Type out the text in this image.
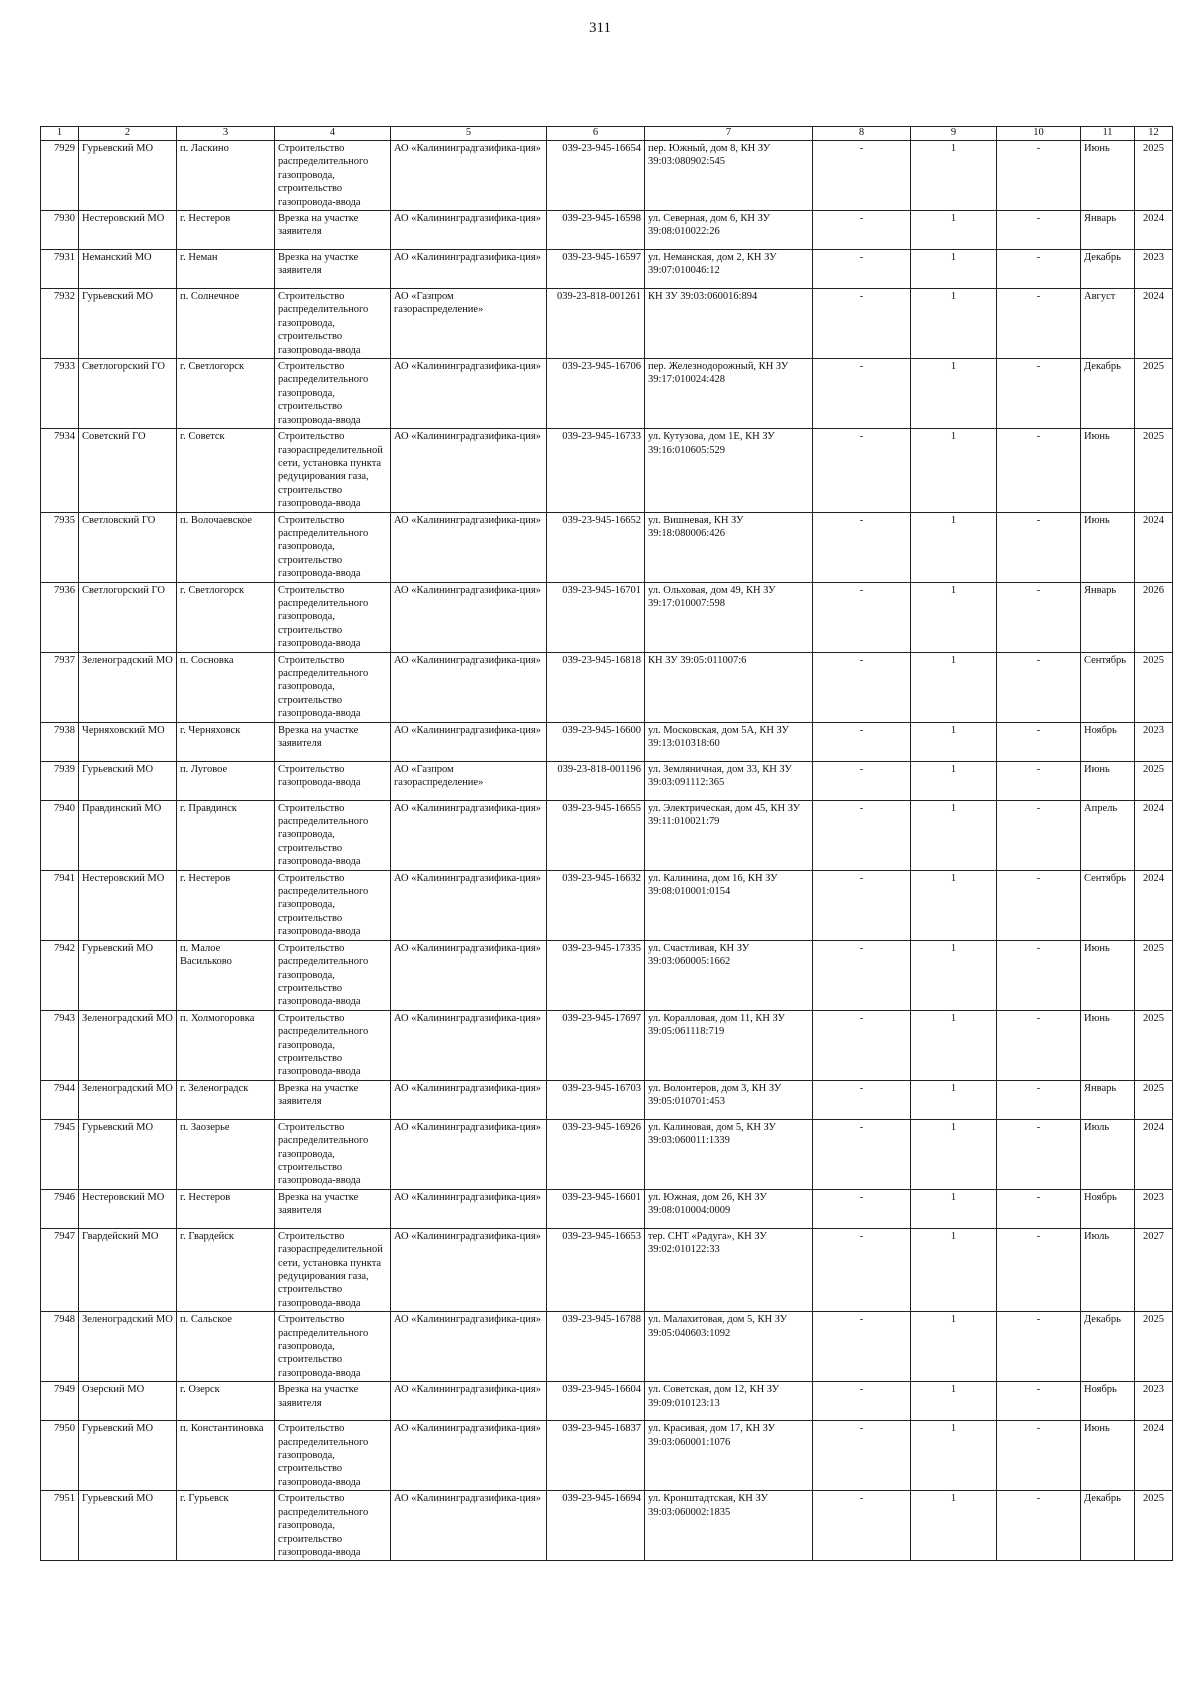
311
1	2	3	4	5	6	7	8	9	10	11	12
7929	Гурьевский МО	п. Ласкино	Строительство распределительного газопровода, строительство газопровода-ввода	АО «Калининградгазифика-ция»	039-23-945-16654	пер. Южный, дом 8, КН ЗУ 39:03:080902:545	-	1	-	Июнь	2025
7930	Нестеровский МО	г. Нестеров	Врезка на участке заявителя	АО «Калининградгазифика-ция»	039-23-945-16598	ул. Северная, дом 6, КН ЗУ 39:08:010022:26	-	1	-	Январь	2024
7931	Неманский МО	г. Неман	Врезка на участке заявителя	АО «Калининградгазифика-ция»	039-23-945-16597	ул. Неманская, дом 2, КН ЗУ 39:07:010046:12	-	1	-	Декабрь	2023
7932	Гурьевский МО	п. Солнечное	Строительство распределительного газопровода, строительство газопровода-ввода	АО «Газпром газораспределение»	039-23-818-001261	КН ЗУ 39:03:060016:894	-	1	-	Август	2024
7933	Светлогорский ГО	г. Светлогорск	Строительство распределительного газопровода, строительство газопровода-ввода	АО «Калининградгазифика-ция»	039-23-945-16706	пер. Железнодорожный, КН ЗУ 39:17:010024:428	-	1	-	Декабрь	2025
7934	Советский ГО	г. Советск	Строительство газораспределительной сети, установка пункта редуцирования газа, строительство газопровода-ввода	АО «Калининградгазифика-ция»	039-23-945-16733	ул. Кутузова, дом 1Е, КН ЗУ 39:16:010605:529	-	1	-	Июнь	2025
7935	Светловский ГО	п. Волочаевское	Строительство распределительного газопровода, строительство газопровода-ввода	АО «Калининградгазифика-ция»	039-23-945-16652	ул. Вишневая, КН ЗУ 39:18:080006:426	-	1	-	Июнь	2024
7936	Светлогорский ГО	г. Светлогорск	Строительство распределительного газопровода, строительство газопровода-ввода	АО «Калининградгазифика-ция»	039-23-945-16701	ул. Ольховая, дом 49, КН ЗУ 39:17:010007:598	-	1	-	Январь	2026
7937	Зеленоградский МО	п. Сосновка	Строительство распределительного газопровода, строительство газопровода-ввода	АО «Калининградгазифика-ция»	039-23-945-16818	КН ЗУ 39:05:011007:6	-	1	-	Сентябрь	2025
7938	Черняховский МО	г. Черняховск	Врезка на участке заявителя	АО «Калининградгазифика-ция»	039-23-945-16600	ул. Московская, дом 5А, КН ЗУ 39:13:010318:60	-	1	-	Ноябрь	2023
7939	Гурьевский МО	п. Луговое	Строительство газопровода-ввода	АО «Газпром газораспределение»	039-23-818-001196	ул. Земляничная, дом 33, КН ЗУ 39:03:091112:365	-	1	-	Июнь	2025
7940	Правдинский МО	г. Правдинск	Строительство распределительного газопровода, строительство газопровода-ввода	АО «Калининградгазифика-ция»	039-23-945-16655	ул. Электрическая, дом 45, КН ЗУ 39:11:010021:79	-	1	-	Апрель	2024
7941	Нестеровский МО	г. Нестеров	Строительство распределительного газопровода, строительство газопровода-ввода	АО «Калининградгазифика-ция»	039-23-945-16632	ул. Калинина, дом 16, КН ЗУ 39:08:010001:0154	-	1	-	Сентябрь	2024
7942	Гурьевский МО	п. Малое Васильково	Строительство распределительного газопровода, строительство газопровода-ввода	АО «Калининградгазифика-ция»	039-23-945-17335	ул. Счастливая, КН ЗУ 39:03:060005:1662	-	1	-	Июнь	2025
7943	Зеленоградский МО	п. Холмогоровка	Строительство распределительного газопровода, строительство газопровода-ввода	АО «Калининградгазифика-ция»	039-23-945-17697	ул. Коралловая, дом 11, КН ЗУ 39:05:061118:719	-	1	-	Июнь	2025
7944	Зеленоградский МО	г. Зеленоградск	Врезка на участке заявителя	АО «Калининградгазифика-ция»	039-23-945-16703	ул. Волонтеров, дом 3, КН ЗУ 39:05:010701:453	-	1	-	Январь	2025
7945	Гурьевский МО	п. Заозерье	Строительство распределительного газопровода, строительство газопровода-ввода	АО «Калининградгазифика-ция»	039-23-945-16926	ул. Калиновая, дом 5, КН ЗУ 39:03:060011:1339	-	1	-	Июль	2024
7946	Нестеровский МО	г. Нестеров	Врезка на участке заявителя	АО «Калининградгазифика-ция»	039-23-945-16601	ул. Южная, дом 26, КН ЗУ 39:08:010004:0009	-	1	-	Ноябрь	2023
7947	Гвардейский МО	г. Гвардейск	Строительство газораспределительной сети, установка пункта редуцирования газа, строительство газопровода-ввода	АО «Калининградгазифика-ция»	039-23-945-16653	тер. СНТ «Радуга», КН ЗУ 39:02:010122:33	-	1	-	Июль	2027
7948	Зеленоградский МО	п. Сальское	Строительство распределительного газопровода, строительство газопровода-ввода	АО «Калининградгазифика-ция»	039-23-945-16788	ул. Малахитовая, дом 5, КН ЗУ 39:05:040603:1092	-	1	-	Декабрь	2025
7949	Озерский МО	г. Озерск	Врезка на участке заявителя	АО «Калининградгазифика-ция»	039-23-945-16604	ул. Советская, дом 12, КН ЗУ 39:09:010123:13	-	1	-	Ноябрь	2023
7950	Гурьевский МО	п. Константиновка	Строительство распределительного газопровода, строительство газопровода-ввода	АО «Калининградгазифика-ция»	039-23-945-16837	ул. Красивая, дом 17, КН ЗУ 39:03:060001:1076	-	1	-	Июнь	2024
7951	Гурьевский МО	г. Гурьевск	Строительство распределительного газопровода, строительство газопровода-ввода	АО «Калининградгазифика-ция»	039-23-945-16694	ул. Кронштадтская, КН ЗУ 39:03:060002:1835	-	1	-	Декабрь	2025
